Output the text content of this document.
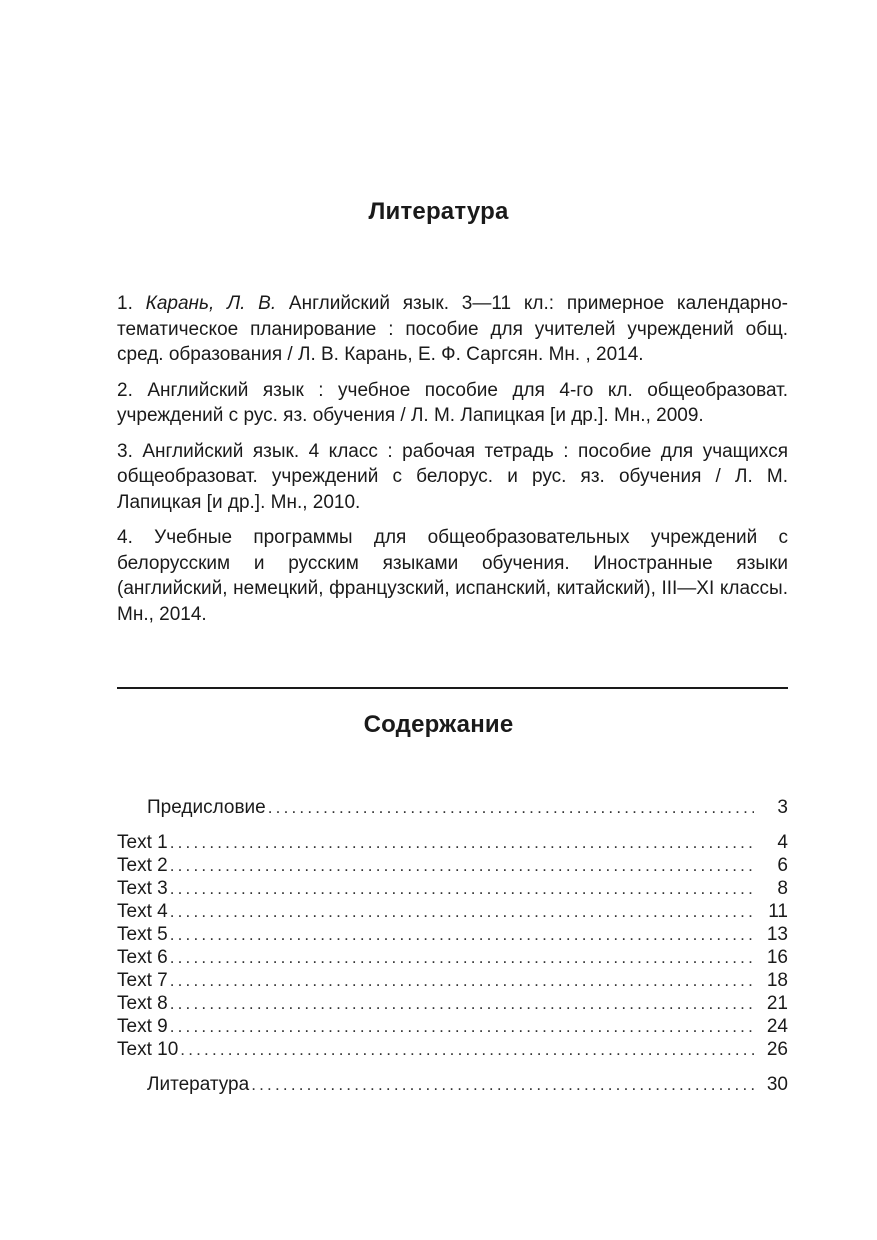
Литература
1. Карань, Л. В. Английский язык. 3—11 кл.: примерное календарно-тематическое планирование : пособие для учителей учреждений общ. сред. образования / Л. В. Карань, Е. Ф. Саргсян. Мн. , 2014.
2. Английский язык : учебное пособие для 4-го кл. общеобразоват. учреждений с рус. яз. обучения / Л. М. Лапицкая [и др.]. Мн., 2009.
3. Английский язык. 4 класс : рабочая тетрадь : пособие для учащихся общеобразоват. учреждений с белорус. и рус. яз. обучения / Л. М. Лапицкая [и др.]. Мн., 2010.
4. Учебные программы для общеобразовательных учреждений с белорусским и русским языками обучения. Иностранные языки (английский, немецкий, французский, испанский, китайский), III—XI классы. Мн., 2014.
Содержание
Предисловие .....	3
Text 1 .....	4
Text 2 .....	6
Text 3 .....	8
Text 4 .....	11
Text 5 .....	13
Text 6 .....	16
Text 7 .....	18
Text 8 .....	21
Text 9 .....	24
Text 10 .....	26
Литература .....	30
